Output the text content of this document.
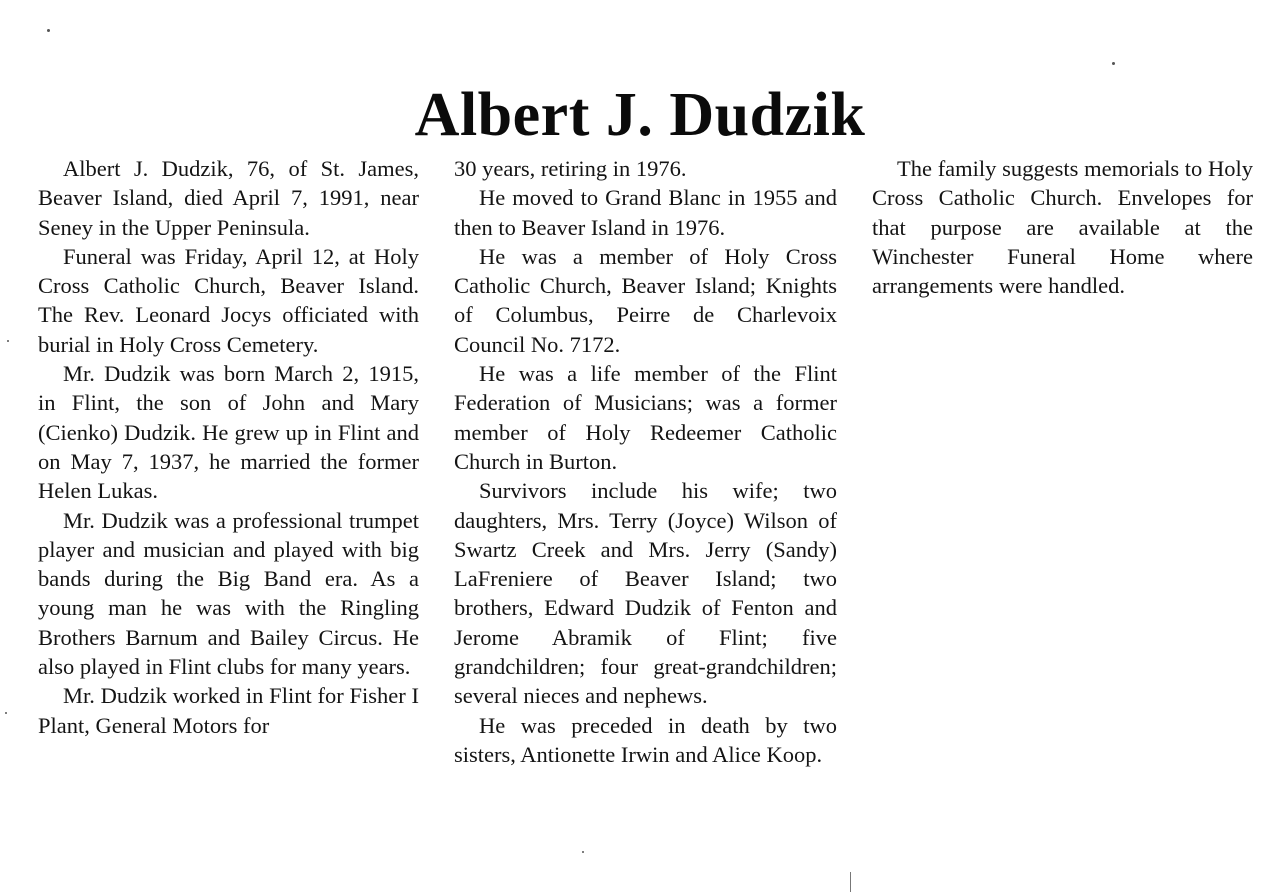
Albert J. Dudzik

Albert J. Dudzik, 76, of St. James, Beaver Island, died April 7, 1991, near Seney in the Upper Peninsula.

Funeral was Friday, April 12, at Holy Cross Catholic Church, Beaver Island. The Rev. Leonard Jocys officiated with burial in Holy Cross Cemetery.

Mr. Dudzik was born March 2, 1915, in Flint, the son of John and Mary (Cienko) Dudzik. He grew up in Flint and on May 7, 1937, he married the former Helen Lukas.

Mr. Dudzik was a professional trumpet player and musician and played with big bands during the Big Band era. As a young man he was with the Ringling Brothers Barnum and Bailey Circus. He also played in Flint clubs for many years.

Mr. Dudzik worked in Flint for Fisher I Plant, General Motors for

30 years, retiring in 1976.

He moved to Grand Blanc in 1955 and then to Beaver Island in 1976.

He was a member of Holy Cross Catholic Church, Beaver Island; Knights of Columbus, Peirre de Charlevoix Council No. 7172.

He was a life member of the Flint Federation of Musicians; was a former member of Holy Redeemer Catholic Church in Burton.

Survivors include his wife; two daughters, Mrs. Terry (Joyce) Wilson of Swartz Creek and Mrs. Jerry (Sandy) LaFreniere of Beaver Island; two brothers, Edward Dudzik of Fenton and Jerome Abramik of Flint; five grandchildren; four great-grandchildren; several nieces and nephews.

He was preceded in death by two sisters, Antionette Irwin and Alice Koop.

The family suggests memorials to Holy Cross Catholic Church. Envelopes for that purpose are available at the Winchester Funeral Home where arrangements were handled.
